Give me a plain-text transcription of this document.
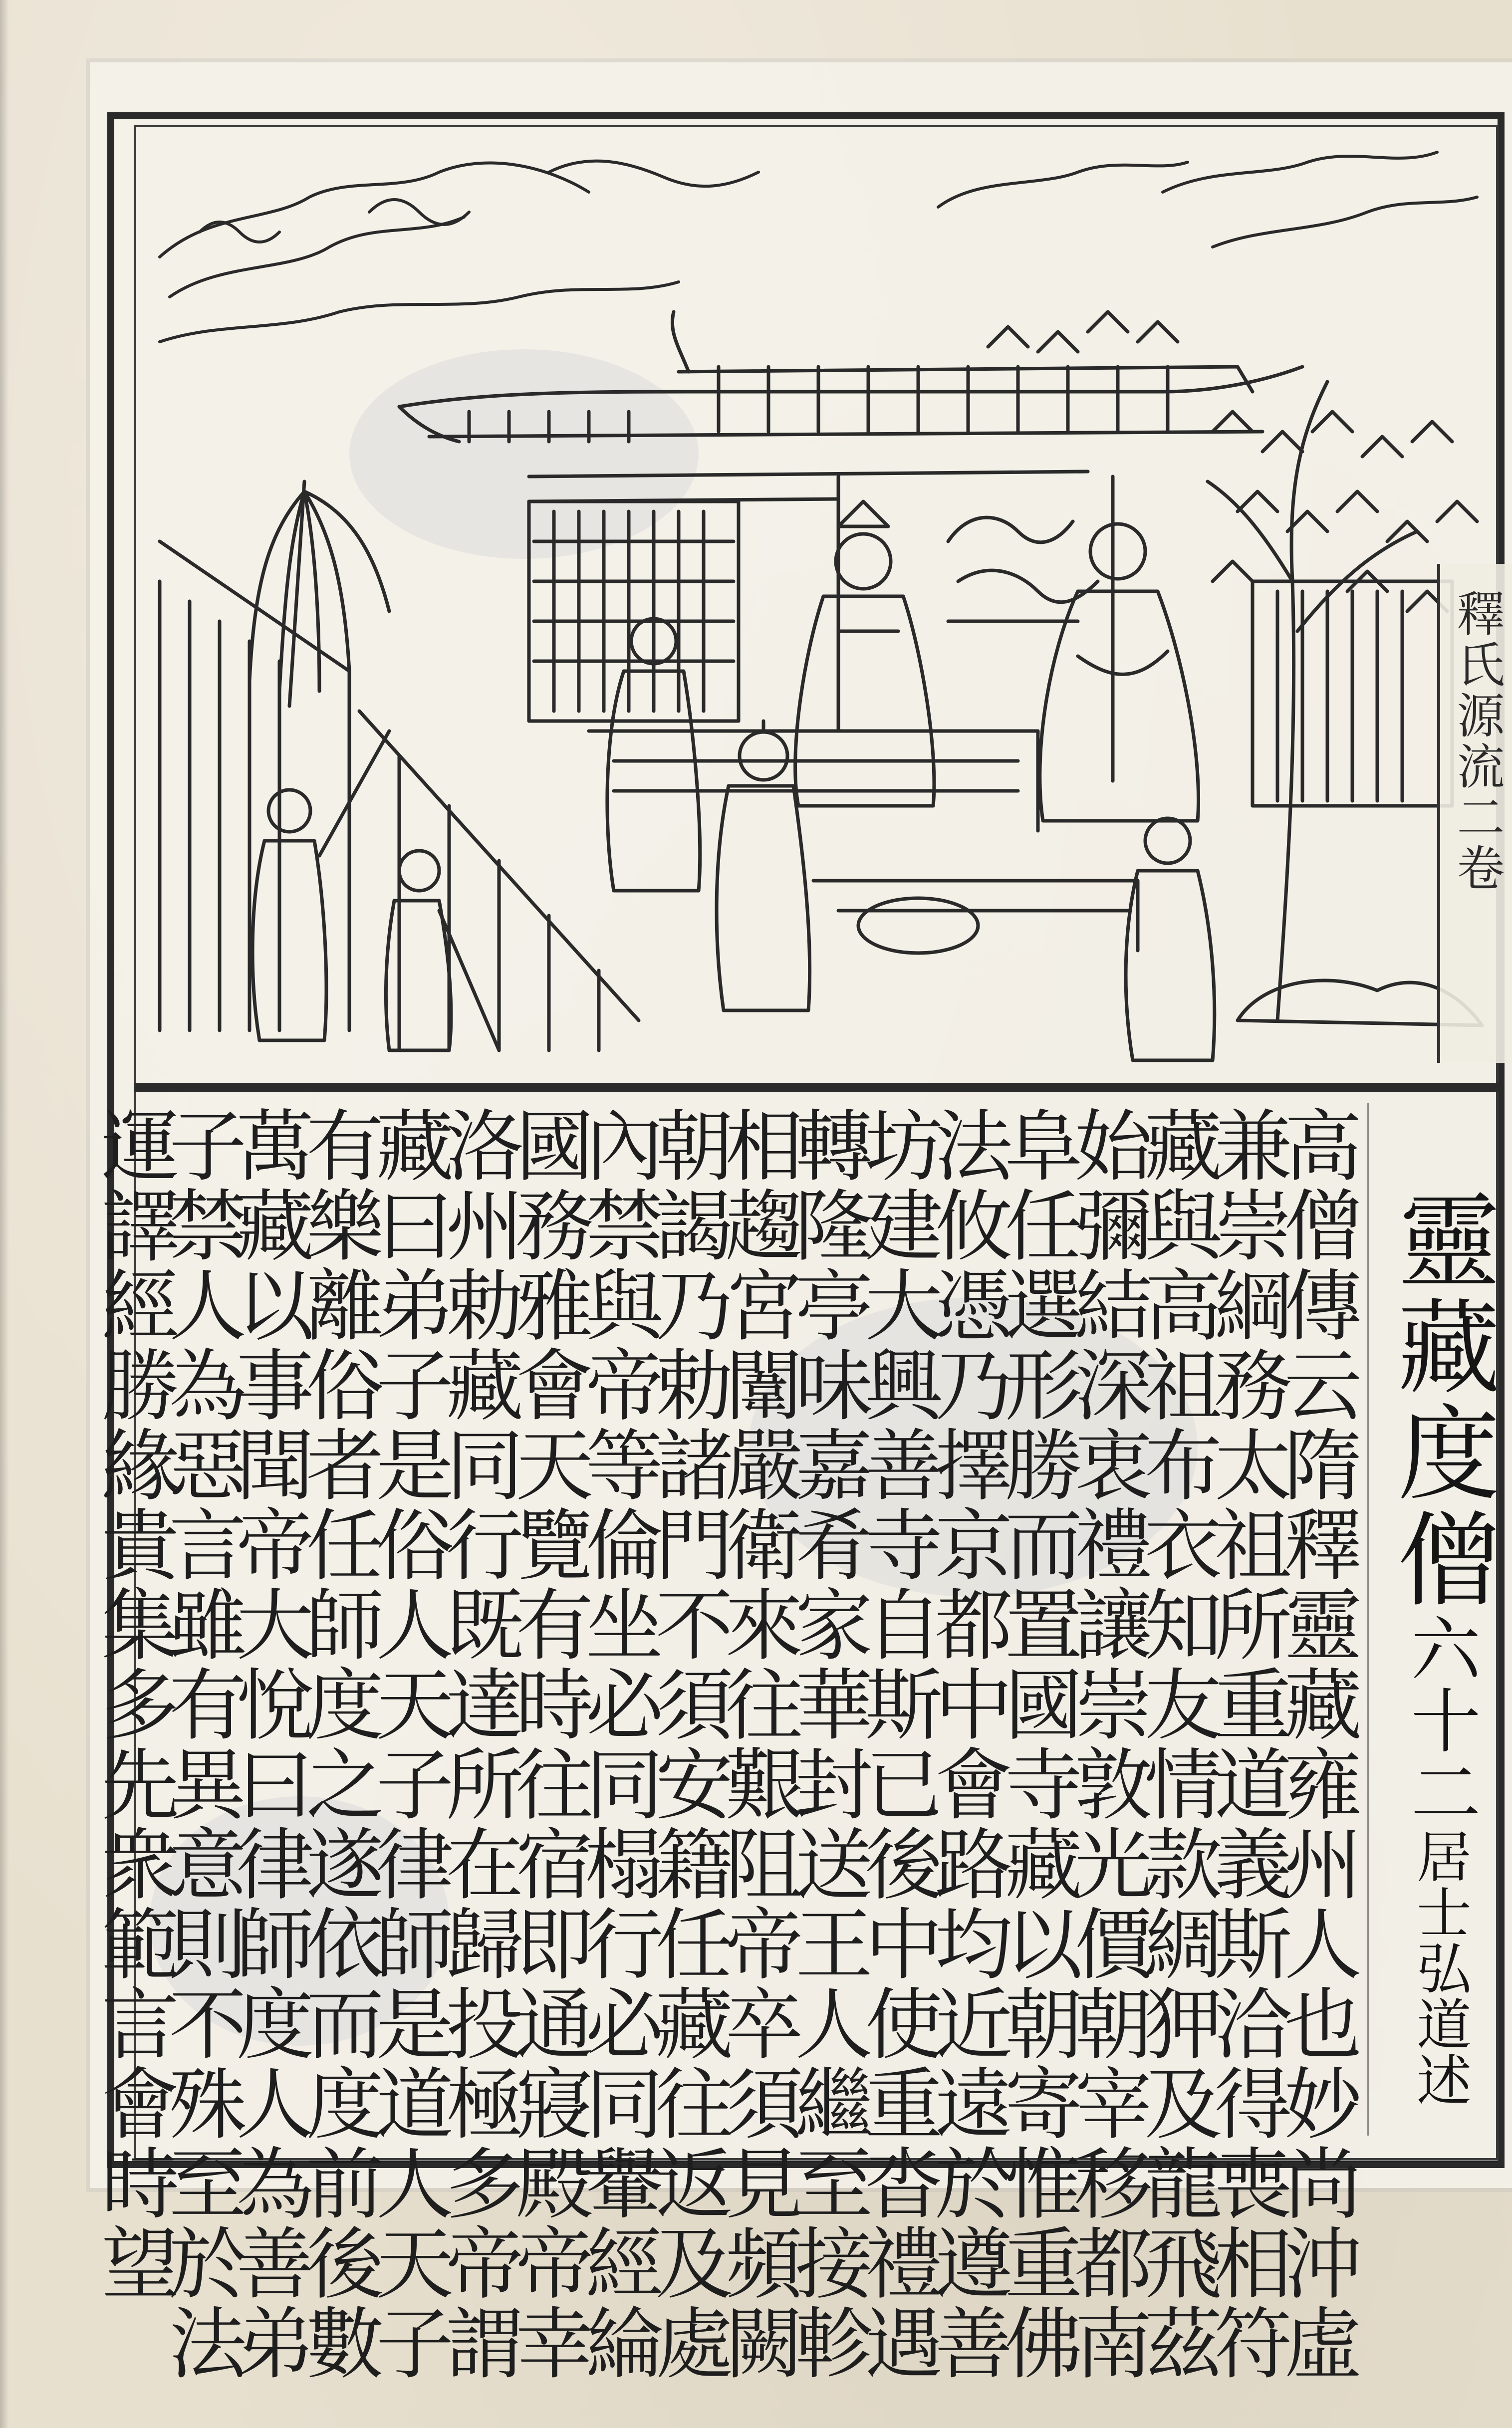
釋氏源流二卷
靈藏度僧六十二居士弘道述
高僧傳云隋釋靈藏雍州人也妙尚沖虛
兼崇綱務太祖所重道義斯洽得喪相符
藏與高祖布衣知友情款綢狎及龍飛茲
始彌結深衷禮讓崇敦光價朝宰移都南
阜任選形勝而置國寺藏以朝寄惟重佛
法攸憑乃擇京都中會路均近遠於遵善
坊建大興善寺自斯已後中使重沓禮遇
轉隆亭味嘉肴家華封送王人繼至接軫
相趨宮闈嚴衛來往艱阻帝卒須見頻闕
朝謁乃勅諸門不須安籍任藏往返及處
內禁與帝等倫坐必同榻行必同轝經綸
國務雅會天覽有時往宿即通寢殿帝幸
洛州勅藏同行既達所在歸投極多帝謂
藏曰弟子是俗人天子律師是道人天子
有樂離俗者任師度之遂依而度前後數
萬藏以事聞帝大悅曰律師度人為善弟
子禁人為惡言雖有異意則不殊至於法
運譯經勝緣貴集多先衆範言會時望
